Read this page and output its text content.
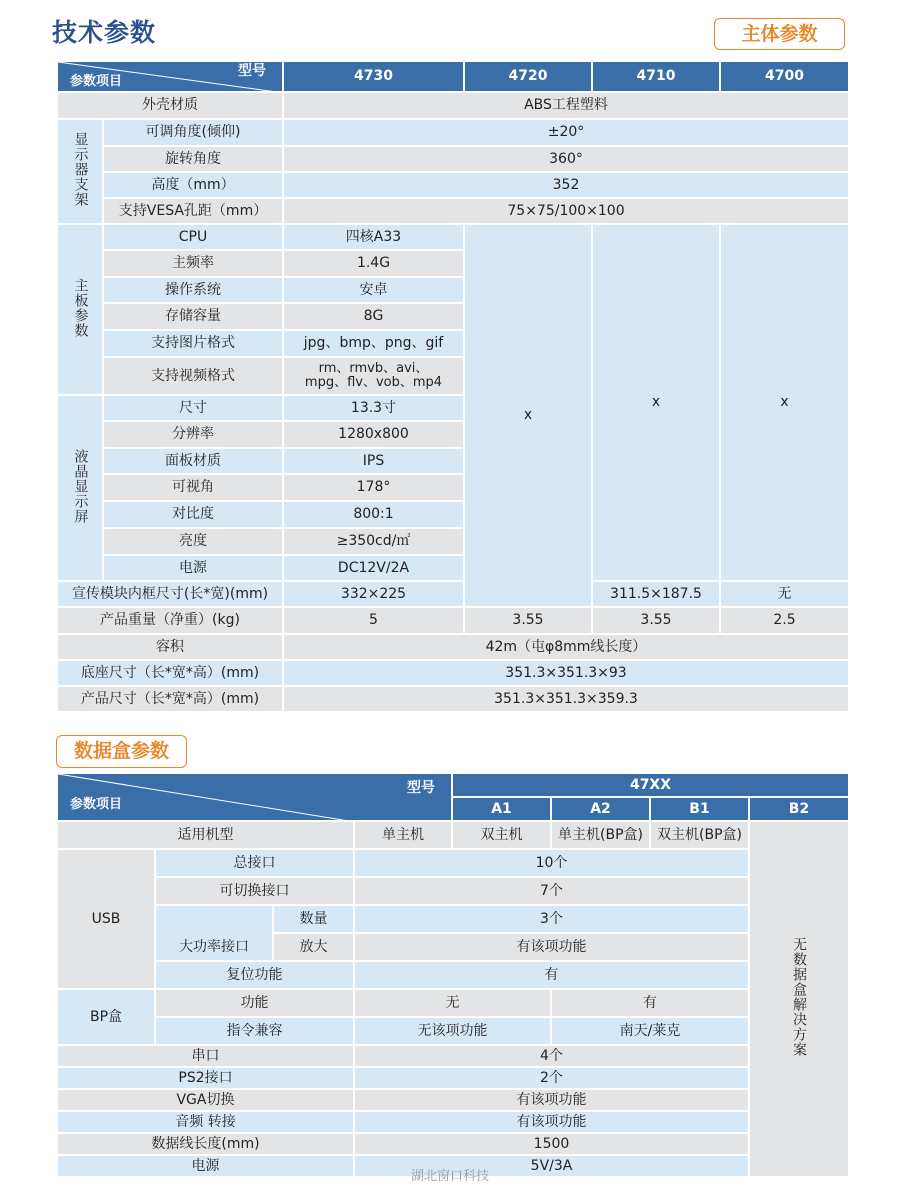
技术参数	主体参数
型号
参数项目		4730	4720	4710	4700
外壳材质		ABS工程塑料			
显示器支架	可调角度(倾仰)	±20°			
	旋转角度	360°			
	高度（mm）	352			
	支持VESA孔距（mm）	75×75/100×100			
主板参数	CPU	四核A33	x	x	x
	主频率	1.4G			
	操作系统	安卓			
	存储容量	8G			
	支持图片格式	jpg、bmp、png、gif			
	支持视频格式	rm、rmvb、avi、
mpg、flv、vob、mp4			

液晶显示屏	尺寸	13.3寸			
	分辨率	1280x800			
	面板材质	IPS			
	可视角	178°			
	对比度	800:1			
	亮度	≥350cd/㎡			
	电源	DC12V/2A			
宣传模块内框尺寸(长*宽)(mm)		332×225		311.5×187.5	无
产品重量（净重）(kg)		5	3.55	3.55	2.5
容积		42m（屯φ8mm线长度）			
底座尺寸（长*宽*高）(mm)		351.3×351.3×93			
产品尺寸（长*宽*高）(mm)		351.3×351.3×359.3			
数据盒参数
型号
参数项目				47XX				
				A1	A2	B1	B2	
适用机型			单主机	双主机	单主机(BP盒)	双主机(BP盒)	无数据盒解决方案	
USB	总接口		10个					
	可切换接口		7个					
	大功率接口	数量	3个					
		放大	有该项功能					
	复位功能		有					
BP盒	功能		无		有			
	指令兼容		无该项功能		南天/莱克			
串口			4个					
PS2接口			2个					
VGA切换			有该项功能					
音频 转接			有该项功能					
数据线长度(mm)			1500					
电源			5V/3A					
湖北窗口科技
